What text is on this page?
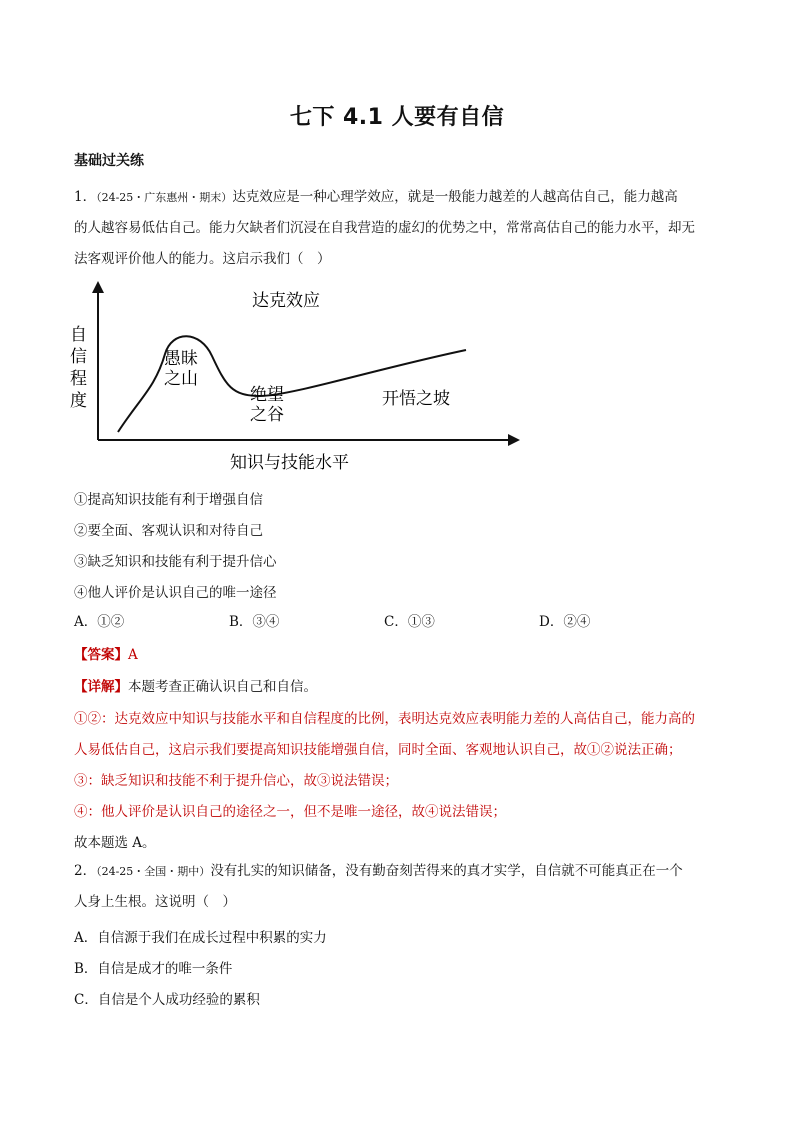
七下 4.1 人要有自信
基础过关练
1．（24-25・广东惠州・期末）达克效应是一种心理学效应，就是一般能力越差的人越高估自己，能力越高
的人越容易低估自己。能力欠缺者们沉浸在自我营造的虚幻的优势之中，常常高估自己的能力水平，却无
法客观评价他人的能力。这启示我们（　）
达克效应
自
信
程
度
愚昧
之山
绝望
之谷
开悟之坡
知识与技能水平
①提高知识技能有利于增强自信
②要全面、客观认识和对待自己
③缺乏知识和技能有利于提升信心
④他人评价是认识自己的唯一途径
A．①②	B．③④	C．①③	D．②④
【答案】A
【详解】本题考查正确认识自己和自信。
①②：达克效应中知识与技能水平和自信程度的比例，表明达克效应表明能力差的人高估自己，能力高的
人易低估自己，这启示我们要提高知识技能增强自信，同时全面、客观地认识自己，故①②说法正确；
③：缺乏知识和技能不利于提升信心，故③说法错误；
④：他人评价是认识自己的途径之一，但不是唯一途径，故④说法错误；
故本题选 A。
2．（24-25・全国・期中）没有扎实的知识储备，没有勤奋刻苦得来的真才实学，自信就不可能真正在一个
人身上生根。这说明（　）
A．自信源于我们在成长过程中积累的实力
B．自信是成才的唯一条件
C．自信是个人成功经验的累积
